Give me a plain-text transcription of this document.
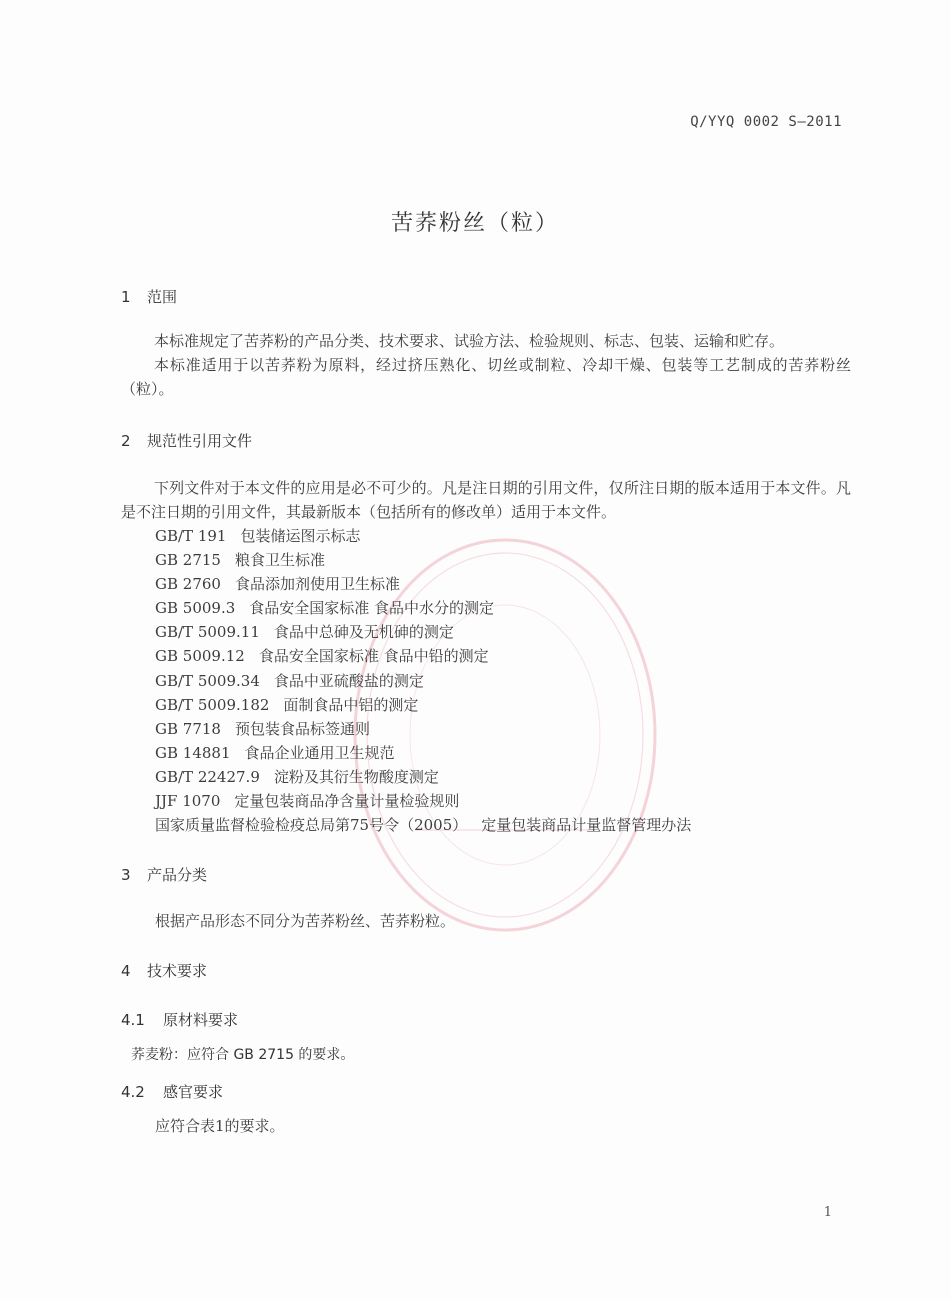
Q/YYQ 0002 S—2011
苦荞粉丝（粒）
1 范围
本标准规定了苦荞粉的产品分类、技术要求、试验方法、检验规则、标志、包装、运输和贮存。
本标准适用于以苦荞粉为原料，经过挤压熟化、切丝或制粒、冷却干燥、包装等工艺制成的苦荞粉丝（粒）。
2 规范性引用文件
下列文件对于本文件的应用是必不可少的。凡是注日期的引用文件，仅所注日期的版本适用于本文件。凡是不注日期的引用文件，其最新版本（包括所有的修改单）适用于本文件。
GB/T 191 包装储运图示标志
GB 2715 粮食卫生标准
GB 2760 食品添加剂使用卫生标准
GB 5009.3 食品安全国家标准 食品中水分的测定
GB/T 5009.11 食品中总砷及无机砷的测定
GB 5009.12 食品安全国家标准 食品中铅的测定
GB/T 5009.34 食品中亚硫酸盐的测定
GB/T 5009.182 面制食品中铝的测定
GB 7718 预包装食品标签通则
GB 14881 食品企业通用卫生规范
GB/T 22427.9 淀粉及其衍生物酸度测定
JJF 1070 定量包装商品净含量计量检验规则
国家质量监督检验检疫总局第75号令（2005） 定量包装商品计量监督管理办法
3 产品分类
根据产品形态不同分为苦荞粉丝、苦荞粉粒。
4 技术要求
4.1 原材料要求
荞麦粉：应符合 GB 2715 的要求。
4.2 感官要求
应符合表1的要求。
1
